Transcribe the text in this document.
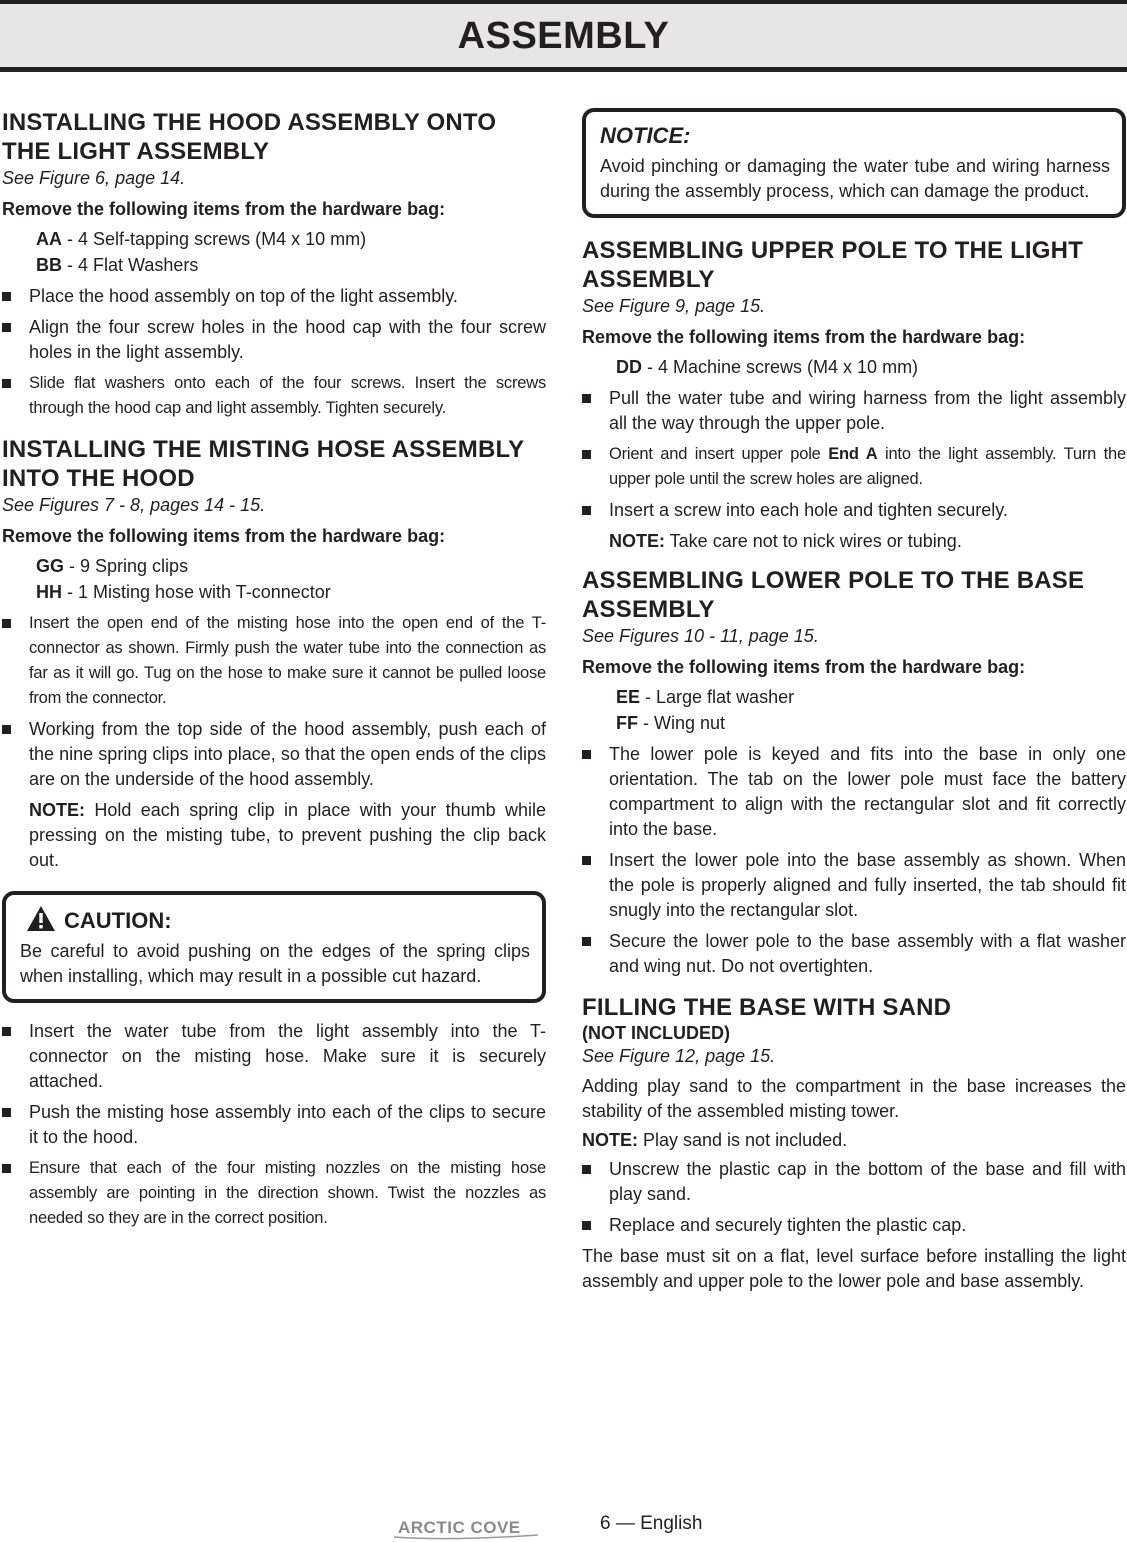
ASSEMBLY
INSTALLING THE HOOD ASSEMBLY ONTO
THE LIGHT ASSEMBLY

See Figure 6, page 14.

Remove the following items from the hardware bag:

AA - 4 Self-tapping screws (M4 x 10 mm)
BB - 4 Flat Washers
Place the hood assembly on top of the light assembly.
Align the four screw holes in the hood cap with the four screw holes in the light assembly.
Slide flat washers onto each of the four screws. Insert the screws through the hood cap and light assembly. Tighten securely.
INSTALLING THE MISTING HOSE ASSEMBLY
INTO THE HOOD

See Figures 7 - 8, pages 14 - 15.

Remove the following items from the hardware bag:

GG - 9 Spring clips
HH - 1 Misting hose with T-connector
Insert the open end of the misting hose into the open end of the T-connector as shown. Firmly push the water tube into the connection as far as it will go. Tug on the hose to make sure it cannot be pulled loose from the connector.
Working from the top side of the hood assembly, push each of the nine spring clips into place, so that the open ends of the clips are on the underside of the hood assembly.

NOTE: Hold each spring clip in place with your thumb while pressing on the misting tube, to prevent pushing the clip back out.

CAUTION:
Be careful to avoid pushing on the edges of the spring clips when installing, which may result in a possible cut hazard.
Insert the water tube from the light assembly into the T-connector on the misting hose. Make sure it is securely attached.
Push the misting hose assembly into each of the clips to secure it to the hood.
Ensure that each of the four misting nozzles on the misting hose assembly are pointing in the direction shown. Twist the nozzles as needed so they are in the correct position.
NOTICE:
Avoid pinching or damaging the water tube and wiring harness during the assembly process, which can damage the product.
ASSEMBLING UPPER POLE TO THE LIGHT
ASSEMBLY

See Figure 9, page 15.

Remove the following items from the hardware bag:

DD - 4 Machine screws (M4 x 10 mm)
Pull the water tube and wiring harness from the light assembly all the way through the upper pole.
Orient and insert upper pole End A into the light assembly. Turn the upper pole until the screw holes are aligned.
Insert a screw into each hole and tighten securely.

NOTE: Take care not to nick wires or tubing.

ASSEMBLING LOWER POLE TO THE BASE
ASSEMBLY

See Figures 10 - 11, page 15.

Remove the following items from the hardware bag:

EE - Large flat washer
FF - Wing nut
The lower pole is keyed and fits into the base in only one orientation. The tab on the lower pole must face the battery compartment to align with the rectangular slot and fit correctly into the base.
Insert the lower pole into the base assembly as shown. When the pole is properly aligned and fully inserted, the tab should fit snugly into the rectangular slot.
Secure the lower pole to the base assembly with a flat washer and wing nut. Do not overtighten.
FILLING THE BASE WITH SAND
(NOT INCLUDED)

See Figure 12, page 15.

Adding play sand to the compartment in the base increases the stability of the assembled misting tower.

NOTE: Play sand is not included.

Unscrew the plastic cap in the bottom of the base and fill with play sand.
Replace and securely tighten the plastic cap.

The base must sit on a flat, level surface before installing the light assembly and upper pole to the lower pole and base assembly.

ARCTIC COVE	6 — English
